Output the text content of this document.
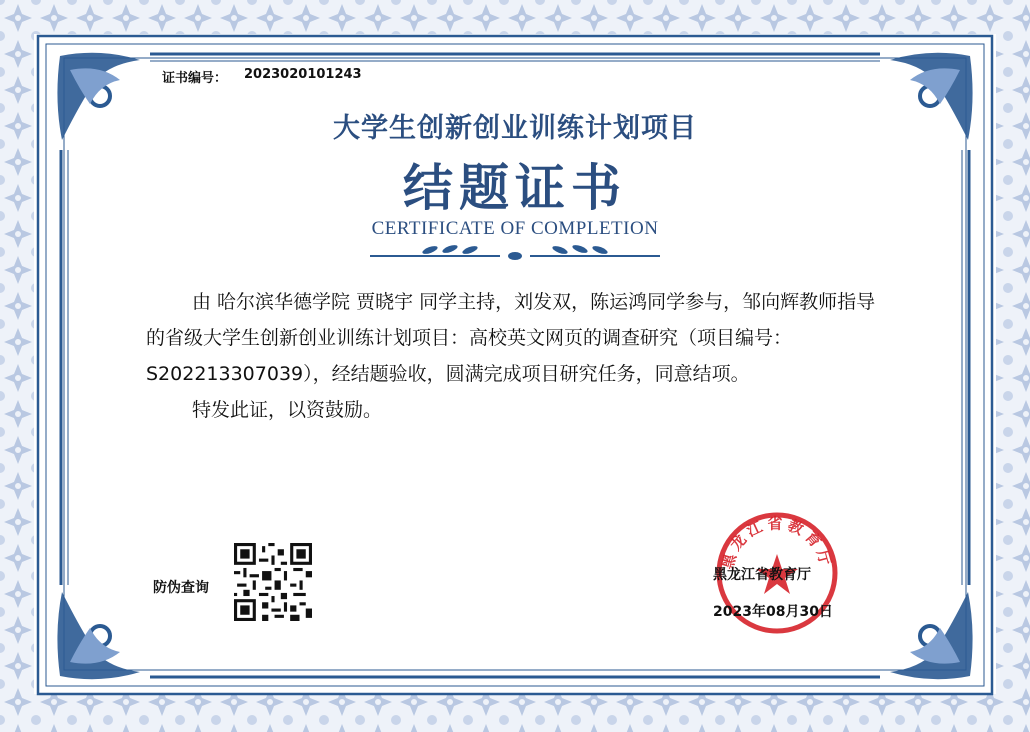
证书编号： 2023020101243
大学生创新创业训练计划项目
结题证书
CERTIFICATE OF COMPLETION

由 哈尔滨华德学院 贾晓宇 同学主持，刘发双，陈运鸿同学参与，邹向辉教师指导的省级大学生创新创业训练计划项目：高校英文网页的调查研究（项目编号：S202213307039），经结题验收，圆满完成项目研究任务，同意结项。

特发此证，以资鼓励。

防伪查询
黑龙江省教育厅
黑龙江省教育厅
2023年08月30日
